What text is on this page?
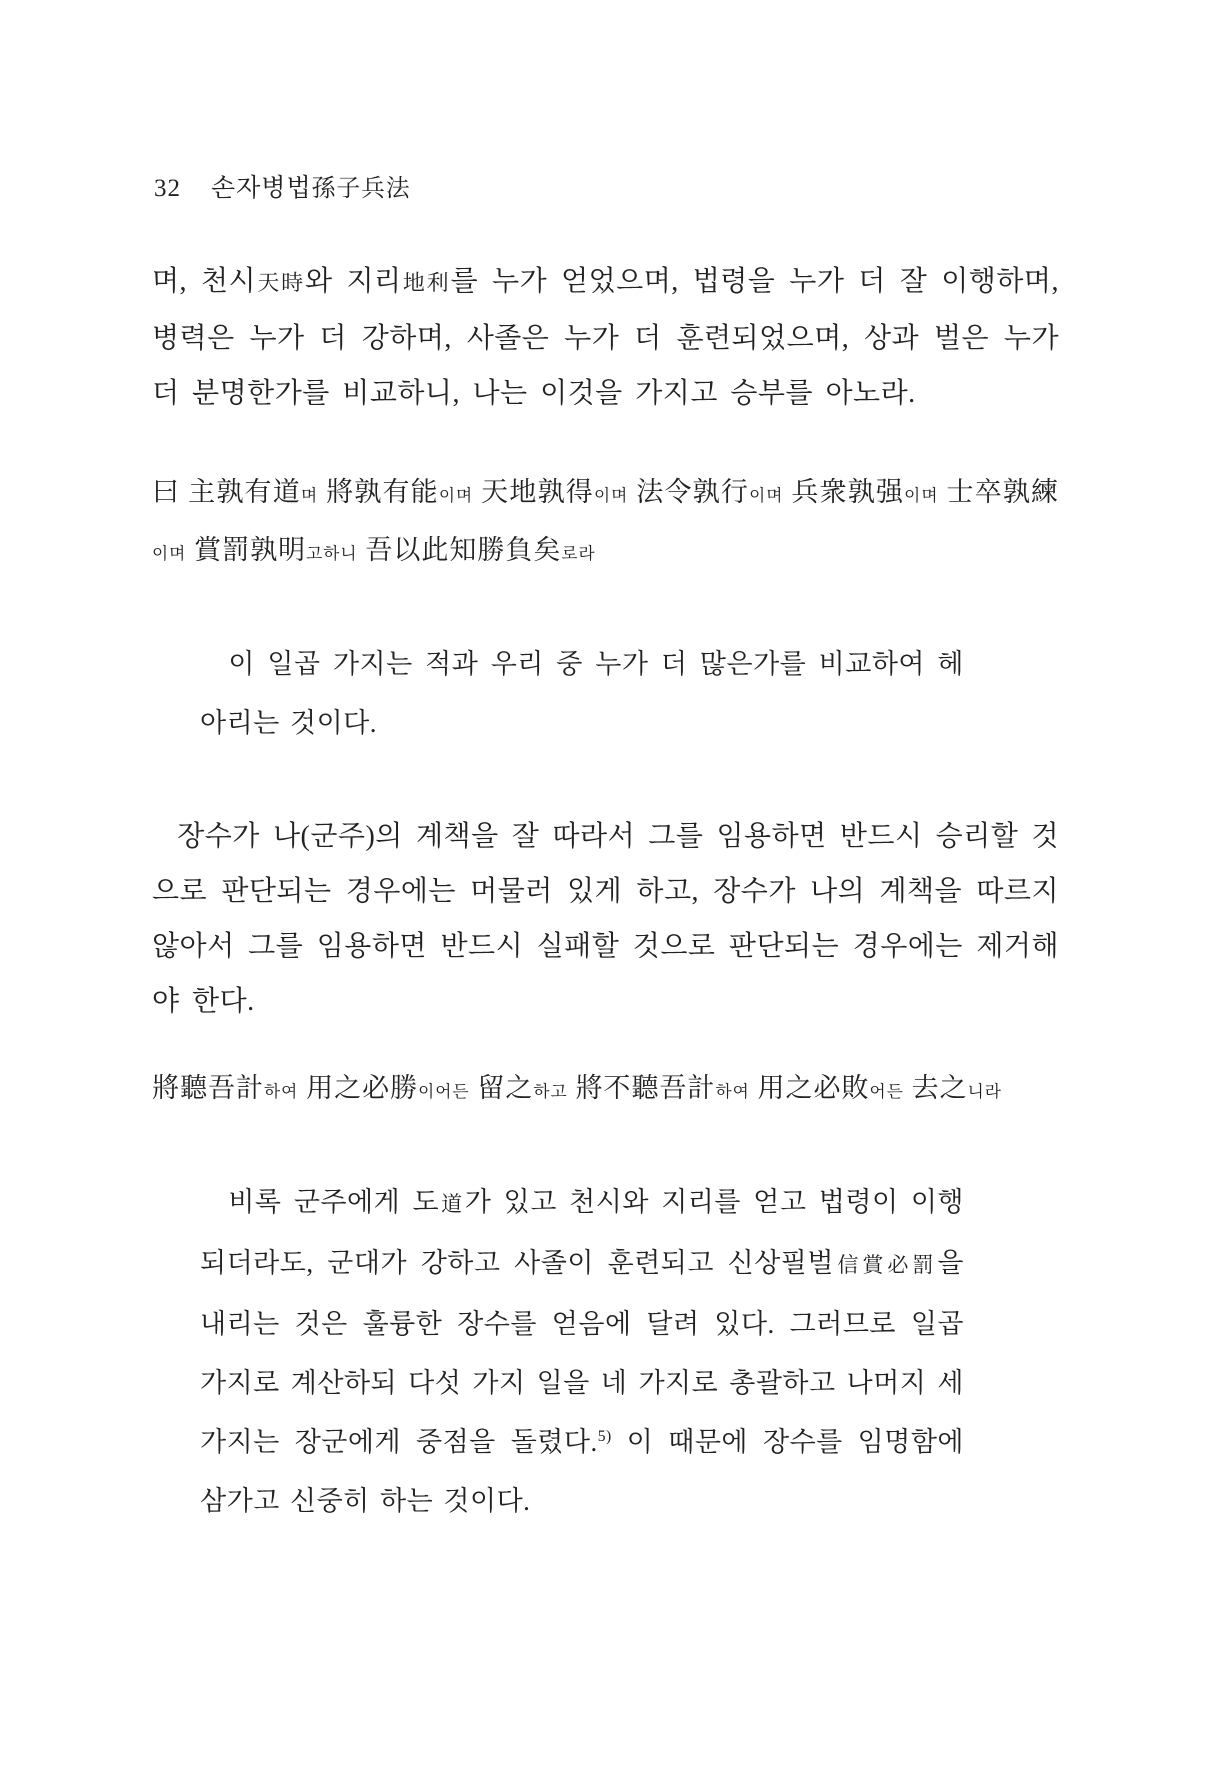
32 손자병법 孫子兵法

며, 천시天時와 지리地利를 누가 얻었으며, 법령을 누가 더 잘 이행하며, 병력은 누가 더 강하며, 사졸은 누가 더 훈련되었으며, 상과 벌은 누가 더 분명한가를 비교하니, 나는 이것을 가지고 승부를 아노라.

曰 主孰有道며 將孰有能이며 天地孰得이며 法令孰行이며 兵衆孰强이며 士卒孰練이며 賞罰孰明고하니 吾以此知勝負矣로라

이 일곱 가지는 적과 우리 중 누가 더 많은가를 비교하여 헤아리는 것이다.

장수가 나(군주)의 계책을 잘 따라서 그를 임용하면 반드시 승리할 것으로 판단되는 경우에는 머물러 있게 하고, 장수가 나의 계책을 따르지 않아서 그를 임용하면 반드시 실패할 것으로 판단되는 경우에는 제거해야 한다.

將聽吾計하여 用之必勝이어든 留之하고 將不聽吾計하여 用之必敗어든 去之니라

비록 군주에게 도道가 있고 천시와 지리를 얻고 법령이 이행되더라도, 군대가 강하고 사졸이 훈련되고 신상필벌信賞必罰을 내리는 것은 훌륭한 장수를 얻음에 달려 있다. 그러므로 일곱 가지로 계산하되 다섯 가지 일을 네 가지로 총괄하고 나머지 세 가지는 장군에게 중점을 돌렸다.$^{5)}$ 이 때문에 장수를 임명함에 삼가고 신중히 하는 것이다.
